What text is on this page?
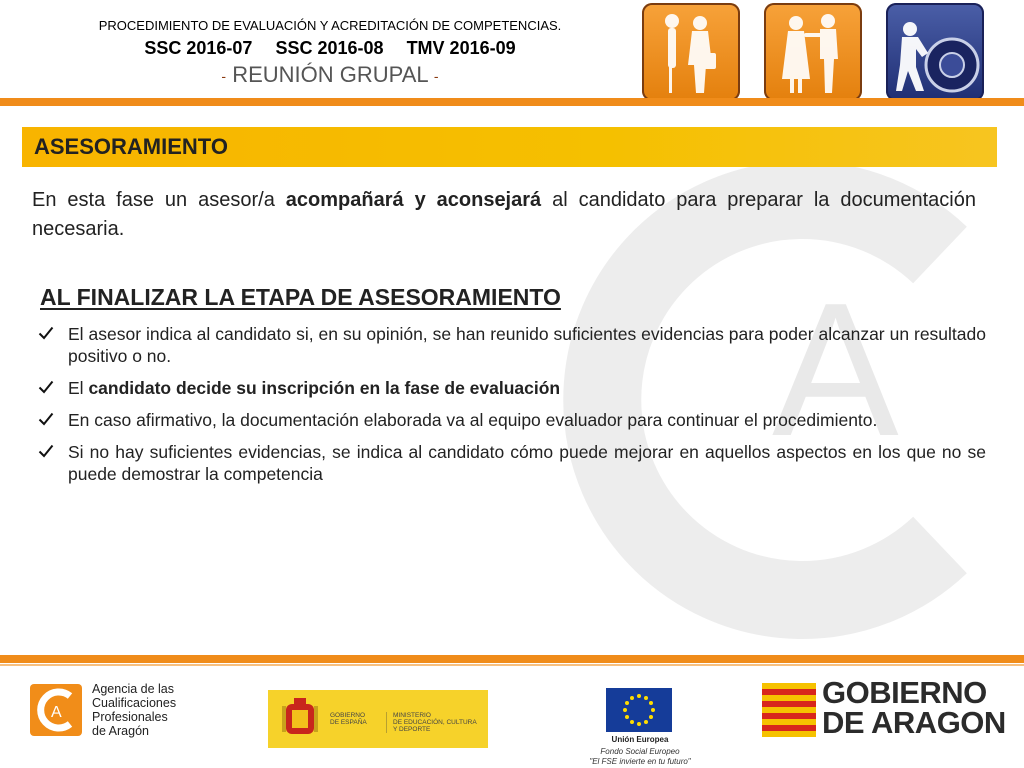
PROCEDIMIENTO DE EVALUACIÓN Y ACREDITACIÓN DE COMPETENCIAS.
SSC 2016-07 SSC 2016-08 TMV 2016-09
- REUNIÓN GRUPAL -
A
ASESORAMIENTO
En esta fase un asesor/a acompañará y aconsejará al candidato para preparar la documentación necesaria.
AL FINALIZAR LA ETAPA DE ASESORAMIENTO
El asesor indica al candidato si, en su opinión, se han reunido suficientes evidencias para poder alcanzar un resultado positivo o no.
El candidato decide su inscripción en la fase de evaluación
En caso afirmativo, la documentación elaborada va al equipo evaluador para continuar el procedimiento.
Si no hay suficientes evidencias, se indica al candidato cómo puede mejorar en aquellos aspectos en los que no se puede demostrar la competencia
A
Agencia de las
Cualificaciones
Profesionales
de Aragón
GOBIERNO
DE ESPAÑA
MINISTERIO
DE EDUCACIÓN, CULTURA
Y DEPORTE
Unión Europea
Fondo Social Europeo
"El FSE invierte en tu futuro"
GOBIERNO
DE ARAGON
